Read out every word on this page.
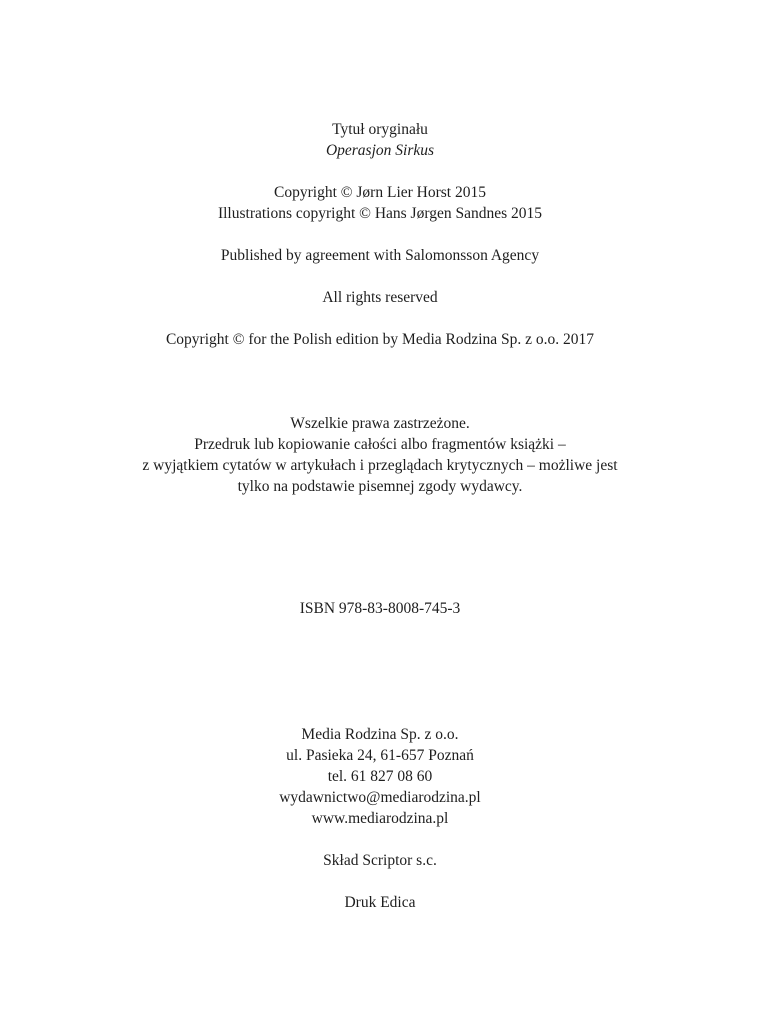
Tytuł oryginału
Operasjon Sirkus
Copyright © Jørn Lier Horst 2015
Illustrations copyright © Hans Jørgen Sandnes 2015
Published by agreement with Salomonsson Agency
All rights reserved
Copyright © for the Polish edition by Media Rodzina Sp. z o.o. 2017
Wszelkie prawa zastrzeżone.
Przedruk lub kopiowanie całości albo fragmentów książki –
z wyjątkiem cytatów w artykułach i przeglądach krytycznych – możliwe jest
tylko na podstawie pisemnej zgody wydawcy.
ISBN 978-83-8008-745-3
Media Rodzina Sp. z o.o.
ul. Pasieka 24, 61-657 Poznań
tel. 61 827 08 60
wydawnictwo@mediarodzina.pl
www.mediarodzina.pl
Skład Scriptor s.c.
Druk Edica
